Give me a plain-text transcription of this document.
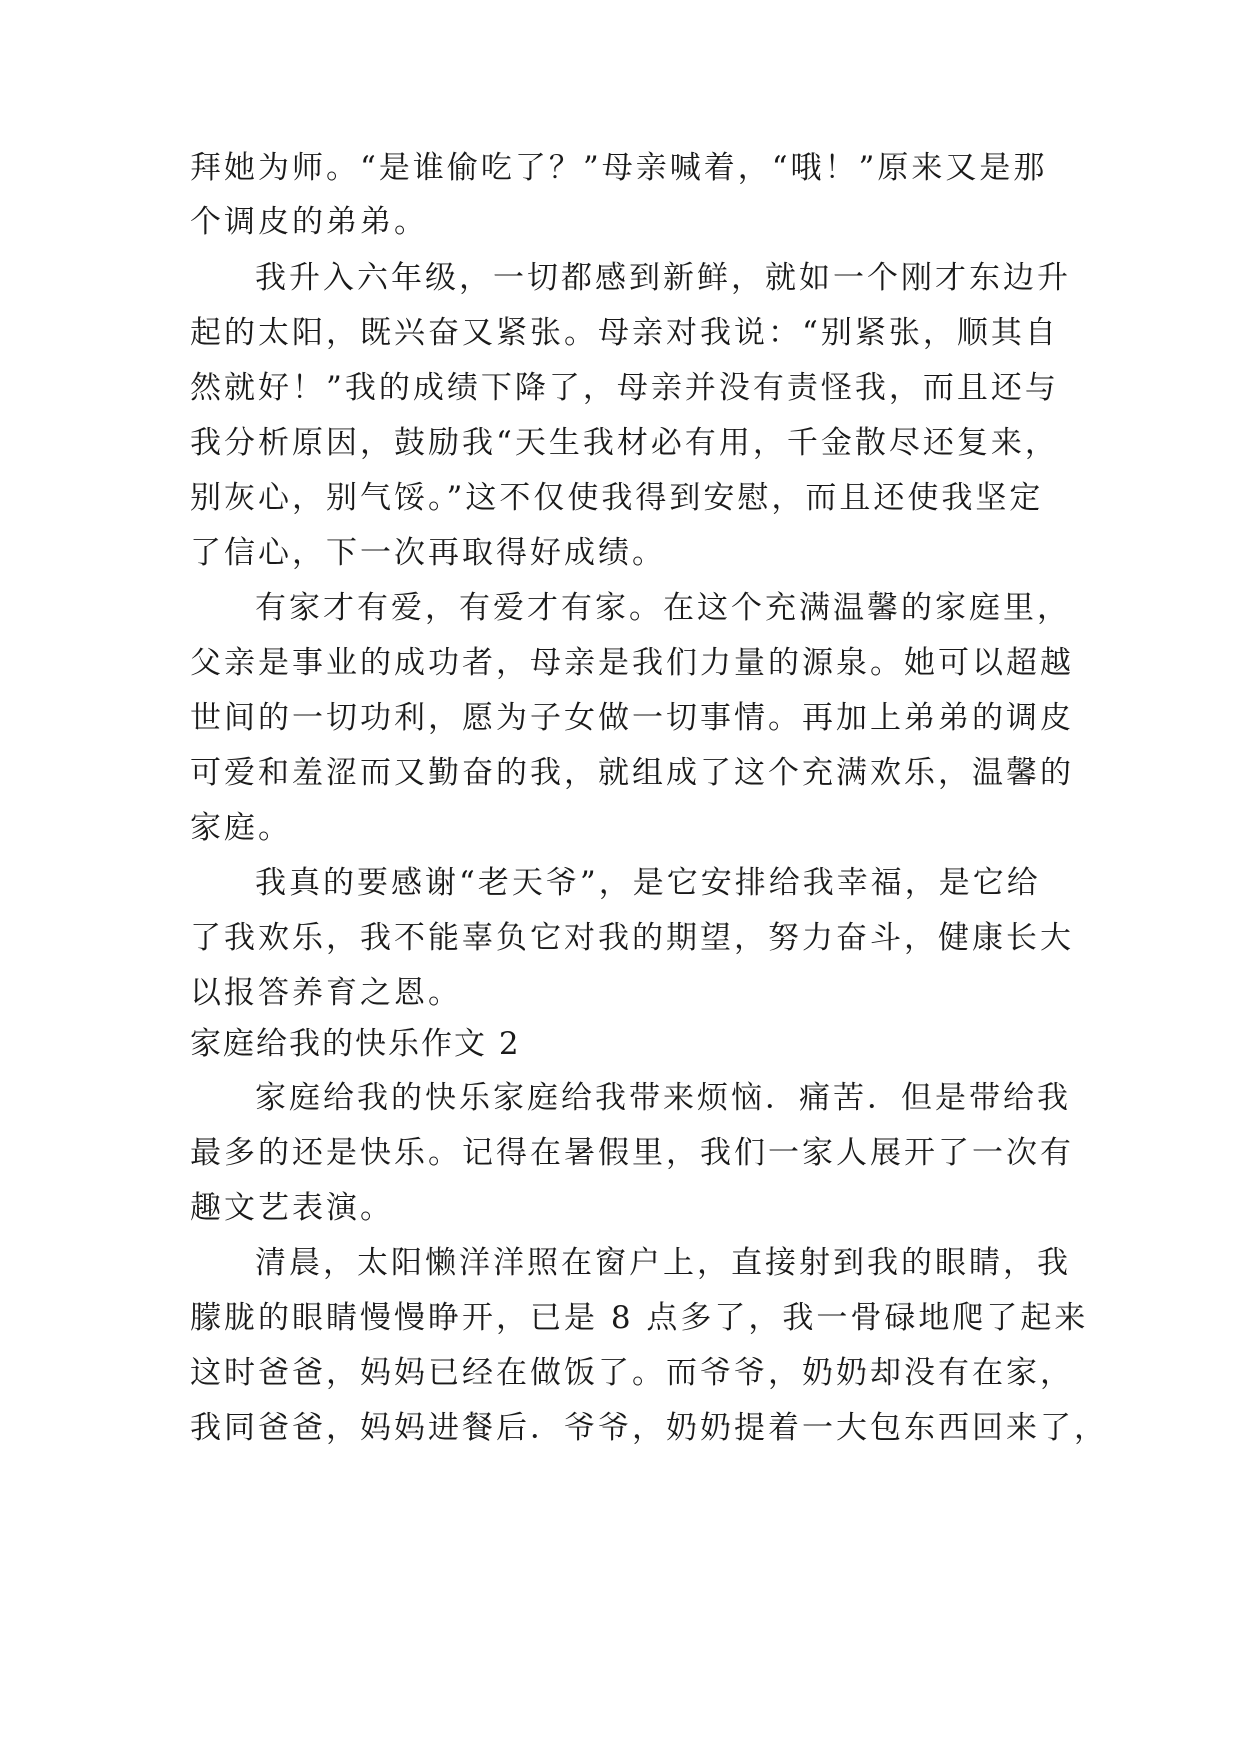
拜她为师。“是谁偷吃了？”母亲喊着，“哦！”原来又是那
个调皮的弟弟。
我升入六年级，一切都感到新鲜，就如一个刚才东边升
起的太阳，既兴奋又紧张。母亲对我说：“别紧张，顺其自
然就好！”我的成绩下降了，母亲并没有责怪我，而且还与
我分析原因，鼓励我“天生我材必有用，千金散尽还复来，
别灰心，别气馁。”这不仅使我得到安慰，而且还使我坚定
了信心，下一次再取得好成绩。
有家才有爱，有爱才有家。在这个充满温馨的家庭里，
父亲是事业的成功者，母亲是我们力量的源泉。她可以超越
世间的一切功利，愿为子女做一切事情。再加上弟弟的调皮
可爱和羞涩而又勤奋的我，就组成了这个充满欢乐，温馨的
家庭。
我真的要感谢“老天爷”，是它安排给我幸福，是它给
了我欢乐，我不能辜负它对我的期望，努力奋斗，健康长大
以报答养育之恩。
家庭给我的快乐作文 2
家庭给我的快乐家庭给我带来烦恼．痛苦．但是带给我
最多的还是快乐。记得在暑假里，我们一家人展开了一次有
趣文艺表演。
清晨，太阳懒洋洋照在窗户上，直接射到我的眼睛，我
朦胧的眼睛慢慢睁开，已是 8 点多了，我一骨碌地爬了起来
这时爸爸，妈妈已经在做饭了。而爷爷，奶奶却没有在家，
我同爸爸，妈妈进餐后．爷爷，奶奶提着一大包东西回来了，
